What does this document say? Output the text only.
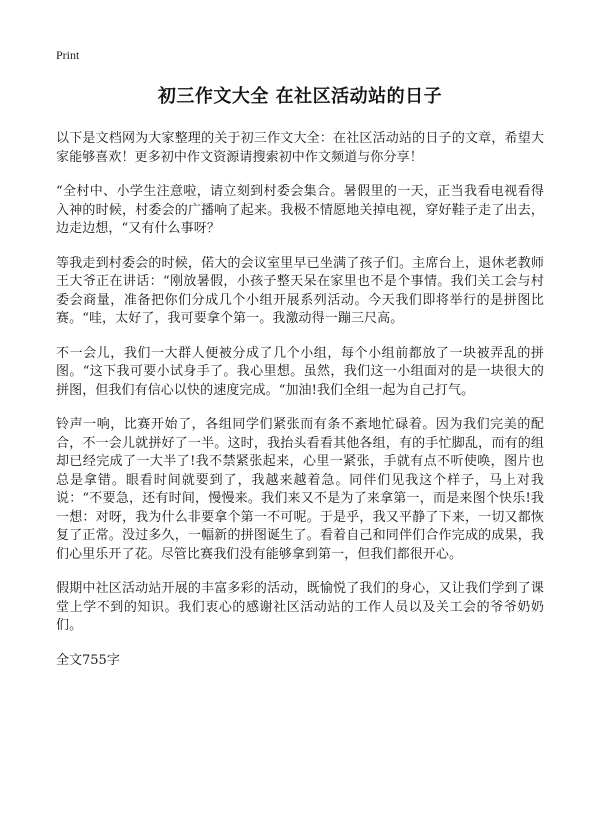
Print
初三作文大全 在社区活动站的日子

以下是文档网为大家整理的关于初三作文大全：在社区活动站的日子的文章，希望大家能够喜欢！更多初中作文资源请搜索初中作文频道与你分享！

“全村中、小学生注意啦，请立刻到村委会集合。暑假里的一天，正当我看电视看得入神的时候，村委会的广播响了起来。我极不情愿地关掉电视，穿好鞋子走了出去，边走边想，“又有什么事呀？

等我走到村委会的时候，偌大的会议室里早已坐满了孩子们。主席台上，退休老教师王大爷正在讲话：“刚放暑假，小孩子整天呆在家里也不是个事情。我们关工会与村委会商量，准备把你们分成几个小组开展系列活动。今天我们即将举行的是拼图比赛。“哇，太好了，我可要拿个第一。我激动得一蹦三尺高。

不一会儿，我们一大群人便被分成了几个小组，每个小组前都放了一块被弄乱的拼图。“这下我可要小试身手了。我心里想。虽然，我们这一小组面对的是一块很大的拼图，但我们有信心以快的速度完成。“加油!我们全组一起为自己打气。

铃声一响，比赛开始了，各组同学们紧张而有条不紊地忙碌着。因为我们完美的配合，不一会儿就拼好了一半。这时，我抬头看看其他各组，有的手忙脚乱，而有的组却已经完成了一大半了!我不禁紧张起来，心里一紧张，手就有点不听使唤，图片也总是拿错。眼看时间就要到了，我越来越着急。同伴们见我这个样子，马上对我说：“不要急，还有时间，慢慢来。我们来又不是为了来拿第一，而是来图个快乐!我一想：对呀，我为什么非要拿个第一不可呢。于是乎，我又平静了下来，一切又都恢复了正常。没过多久，一幅新的拼图诞生了。看着自己和同伴们合作完成的成果，我们心里乐开了花。尽管比赛我们没有能够拿到第一，但我们都很开心。

假期中社区活动站开展的丰富多彩的活动，既愉悦了我们的身心，又让我们学到了课堂上学不到的知识。我们衷心的感谢社区活动站的工作人员以及关工会的爷爷奶奶们。

全文755字
